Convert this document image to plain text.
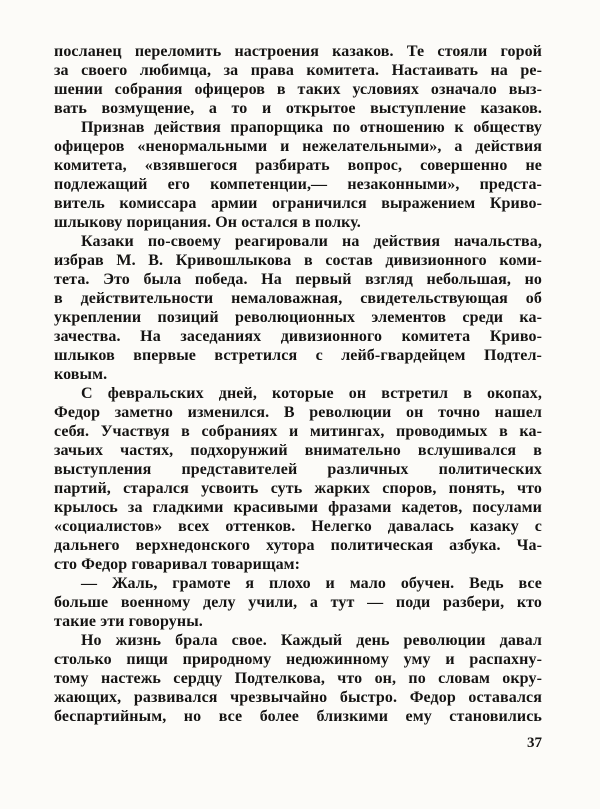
посланец переломить настроения казаков. Те стояли горой
за своего любимца, за права комитета. Настаивать на ре-
шении собрания офицеров в таких условиях означало выз-
вать возмущение, а то и открытое выступление казаков.

Признав действия прапорщика по отношению к обществу
офицеров «ненормальными и нежелательными», а действия
комитета, «взявшегося разбирать вопрос, совершенно не
подлежащий его компетенции,— незаконными», предста-
витель комиссара армии ограничился выражением Криво-
шлыкову порицания. Он остался в полку.

Казаки по-своему реагировали на действия начальства,
избрав М. В. Кривошлыкова в состав дивизионного коми-
тета. Это была победа. На первый взгляд небольшая, но
в действительности немаловажная, свидетельствующая об
укреплении позиций революционных элементов среди ка-
зачества. На заседаниях дивизионного комитета Криво-
шлыков впервые встретился с лейб-гвардейцем Подтел-
ковым.

С февральских дней, которые он встретил в окопах,
Федор заметно изменился. В революции он точно нашел
себя. Участвуя в собраниях и митингах, проводимых в ка-
зачьих частях, подхорунжий внимательно вслушивался в
выступления представителей различных политических
партий, старался усвоить суть жарких споров, понять, что
крылось за гладкими красивыми фразами кадетов, посулами
«социалистов» всех оттенков. Нелегко давалась казаку с
дальнего верхнедонского хутора политическая азбука. Ча-
сто Федор говаривал товарищам:

— Жаль, грамоте я плохо и мало обучен. Ведь все
больше военному делу учили, а тут — поди разбери, кто
такие эти говоруны.

Но жизнь брала свое. Каждый день революции давал
столько пищи природному недюжинному уму и распахну-
тому настежь сердцу Подтелкова, что он, по словам окру-
жающих, развивался чрезвычайно быстро. Федор оставался
беспартийным, но все более близкими ему становились

37
